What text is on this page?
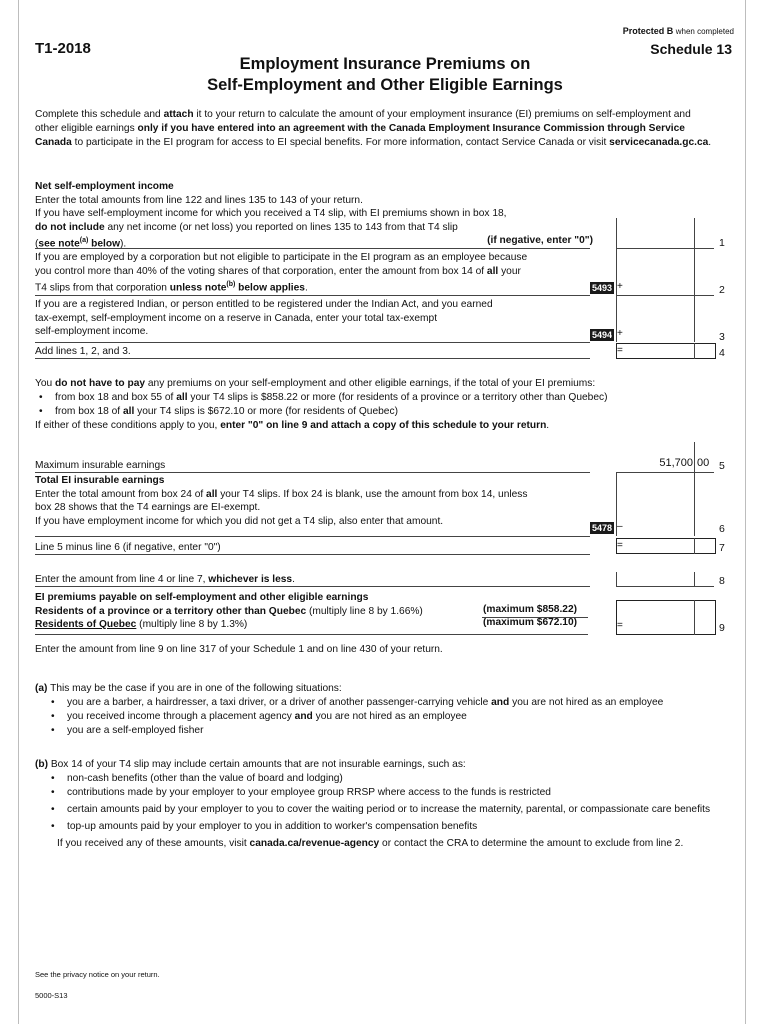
Protected B when completed
T1-2018	Schedule 13
Employment Insurance Premiums on
Self-Employment and Other Eligible Earnings
Complete this schedule and attach it to your return to calculate the amount of your employment insurance (EI) premiums on self-employment and other eligible earnings only if you have entered into an agreement with the Canada Employment Insurance Commission through Service Canada to participate in the EI program for access to EI special benefits. For more information, contact Service Canada or visit servicecanada.gc.ca.
Net self-employment income
Enter the total amounts from line 122 and lines 135 to 143 of your return.
If you have self-employment income for which you received a T4 slip, with EI premiums shown in box 18,
do not include any net income (or net loss) you reported on lines 135 to 143 from that T4 slip
(see note$^{(a)}$ below).	(if negative, enter "0")	1
If you are employed by a corporation but not eligible to participate in the EI program as an employee because
you control more than 40% of the voting shares of that corporation, enter the amount from box 14 of all your
T4 slips from that corporation unless note$^{(b)}$ below applies.	5493 +	2
If you are a registered Indian, or person entitled to be registered under the Indian Act, and you earned
tax-exempt, self-employment income on a reserve in Canada, enter your total tax-exempt
self-employment income.	5494 +	3
Add lines 1, 2, and 3.	=	4
You do not have to pay any premiums on your self-employment and other eligible earnings, if the total of your EI premiums:
• from box 18 and box 55 of all your T4 slips is $858.22 or more (for residents of a province or a territory other than Quebec)
• from box 18 of all your T4 slips is $672.10 or more (for residents of Quebec)
If either of these conditions apply to you, enter "0" on line 9 and attach a copy of this schedule to your return.
Maximum insurable earnings	51,700 00 5
Total EI insurable earnings
Enter the total amount from box 24 of all your T4 slips. If box 24 is blank, use the amount from box 14, unless
box 28 shows that the T4 earnings are EI-exempt.
If you have employment income for which you did not get a T4 slip, also enter that amount.
5478 –	6
Line 5 minus line 6 (if negative, enter "0")	=	7
Enter the amount from line 4 or line 7, whichever is less.	8
EI premiums payable on self-employment and other eligible earnings
Residents of a province or a territory other than Quebec (multiply line 8 by 1.66%)	(maximum $858.22)
Residents of Quebec (multiply line 8 by 1.3%)	(maximum $672.10)	=	9
Enter the amount from line 9 on line 317 of your Schedule 1 and on line 430 of your return.
(a) This may be the case if you are in one of the following situations:
• you are a barber, a hairdresser, a taxi driver, or a driver of another passenger-carrying vehicle and you are not hired as an employee
• you received income through a placement agency and you are not hired as an employee
• you are a self-employed fisher
(b) Box 14 of your T4 slip may include certain amounts that are not insurable earnings, such as:
• non-cash benefits (other than the value of board and lodging)
• contributions made by your employer to your employee group RRSP where access to the funds is restricted
• certain amounts paid by your employer to you to cover the waiting period or to increase the maternity, parental, or compassionate care benefits
• top-up amounts paid by your employer to you in addition to worker's compensation benefits
If you received any of these amounts, visit canada.ca/revenue-agency or contact the CRA to determine the amount to exclude from line 2.
See the privacy notice on your return.
5000-S13
